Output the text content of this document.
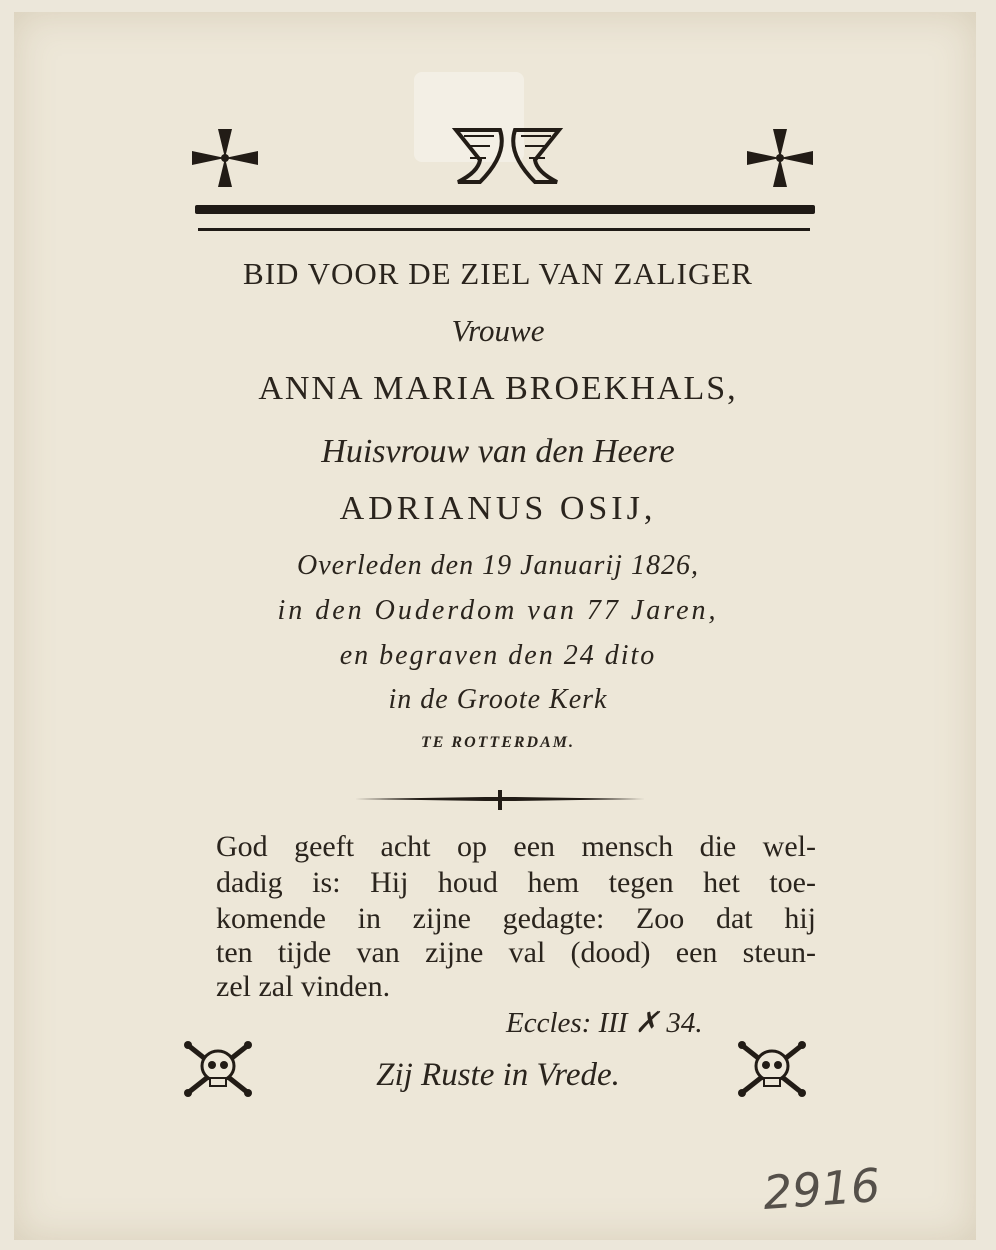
BID VOOR DE ZIEL VAN ZALIGER
Vrouwe
ANNA MARIA BROEKHALS,
Huisvrouw van den Heere
ADRIANUS OSIJ,
Overleden den 19 Januarij 1826,
in den Ouderdom van 77 Jaren,
en begraven den 24 dito
in de Groote Kerk
TE ROTTERDAM.
God geeft acht op een mensch die wel-
dadig is: Hij houd hem tegen het toe-
komende in zijne gedagte: Zoo dat hij
ten tijde van zijne val (dood) een steun-
zel zal vinden.
Eccles: III ✗ 34.
Zij Ruste in Vrede.
2916
